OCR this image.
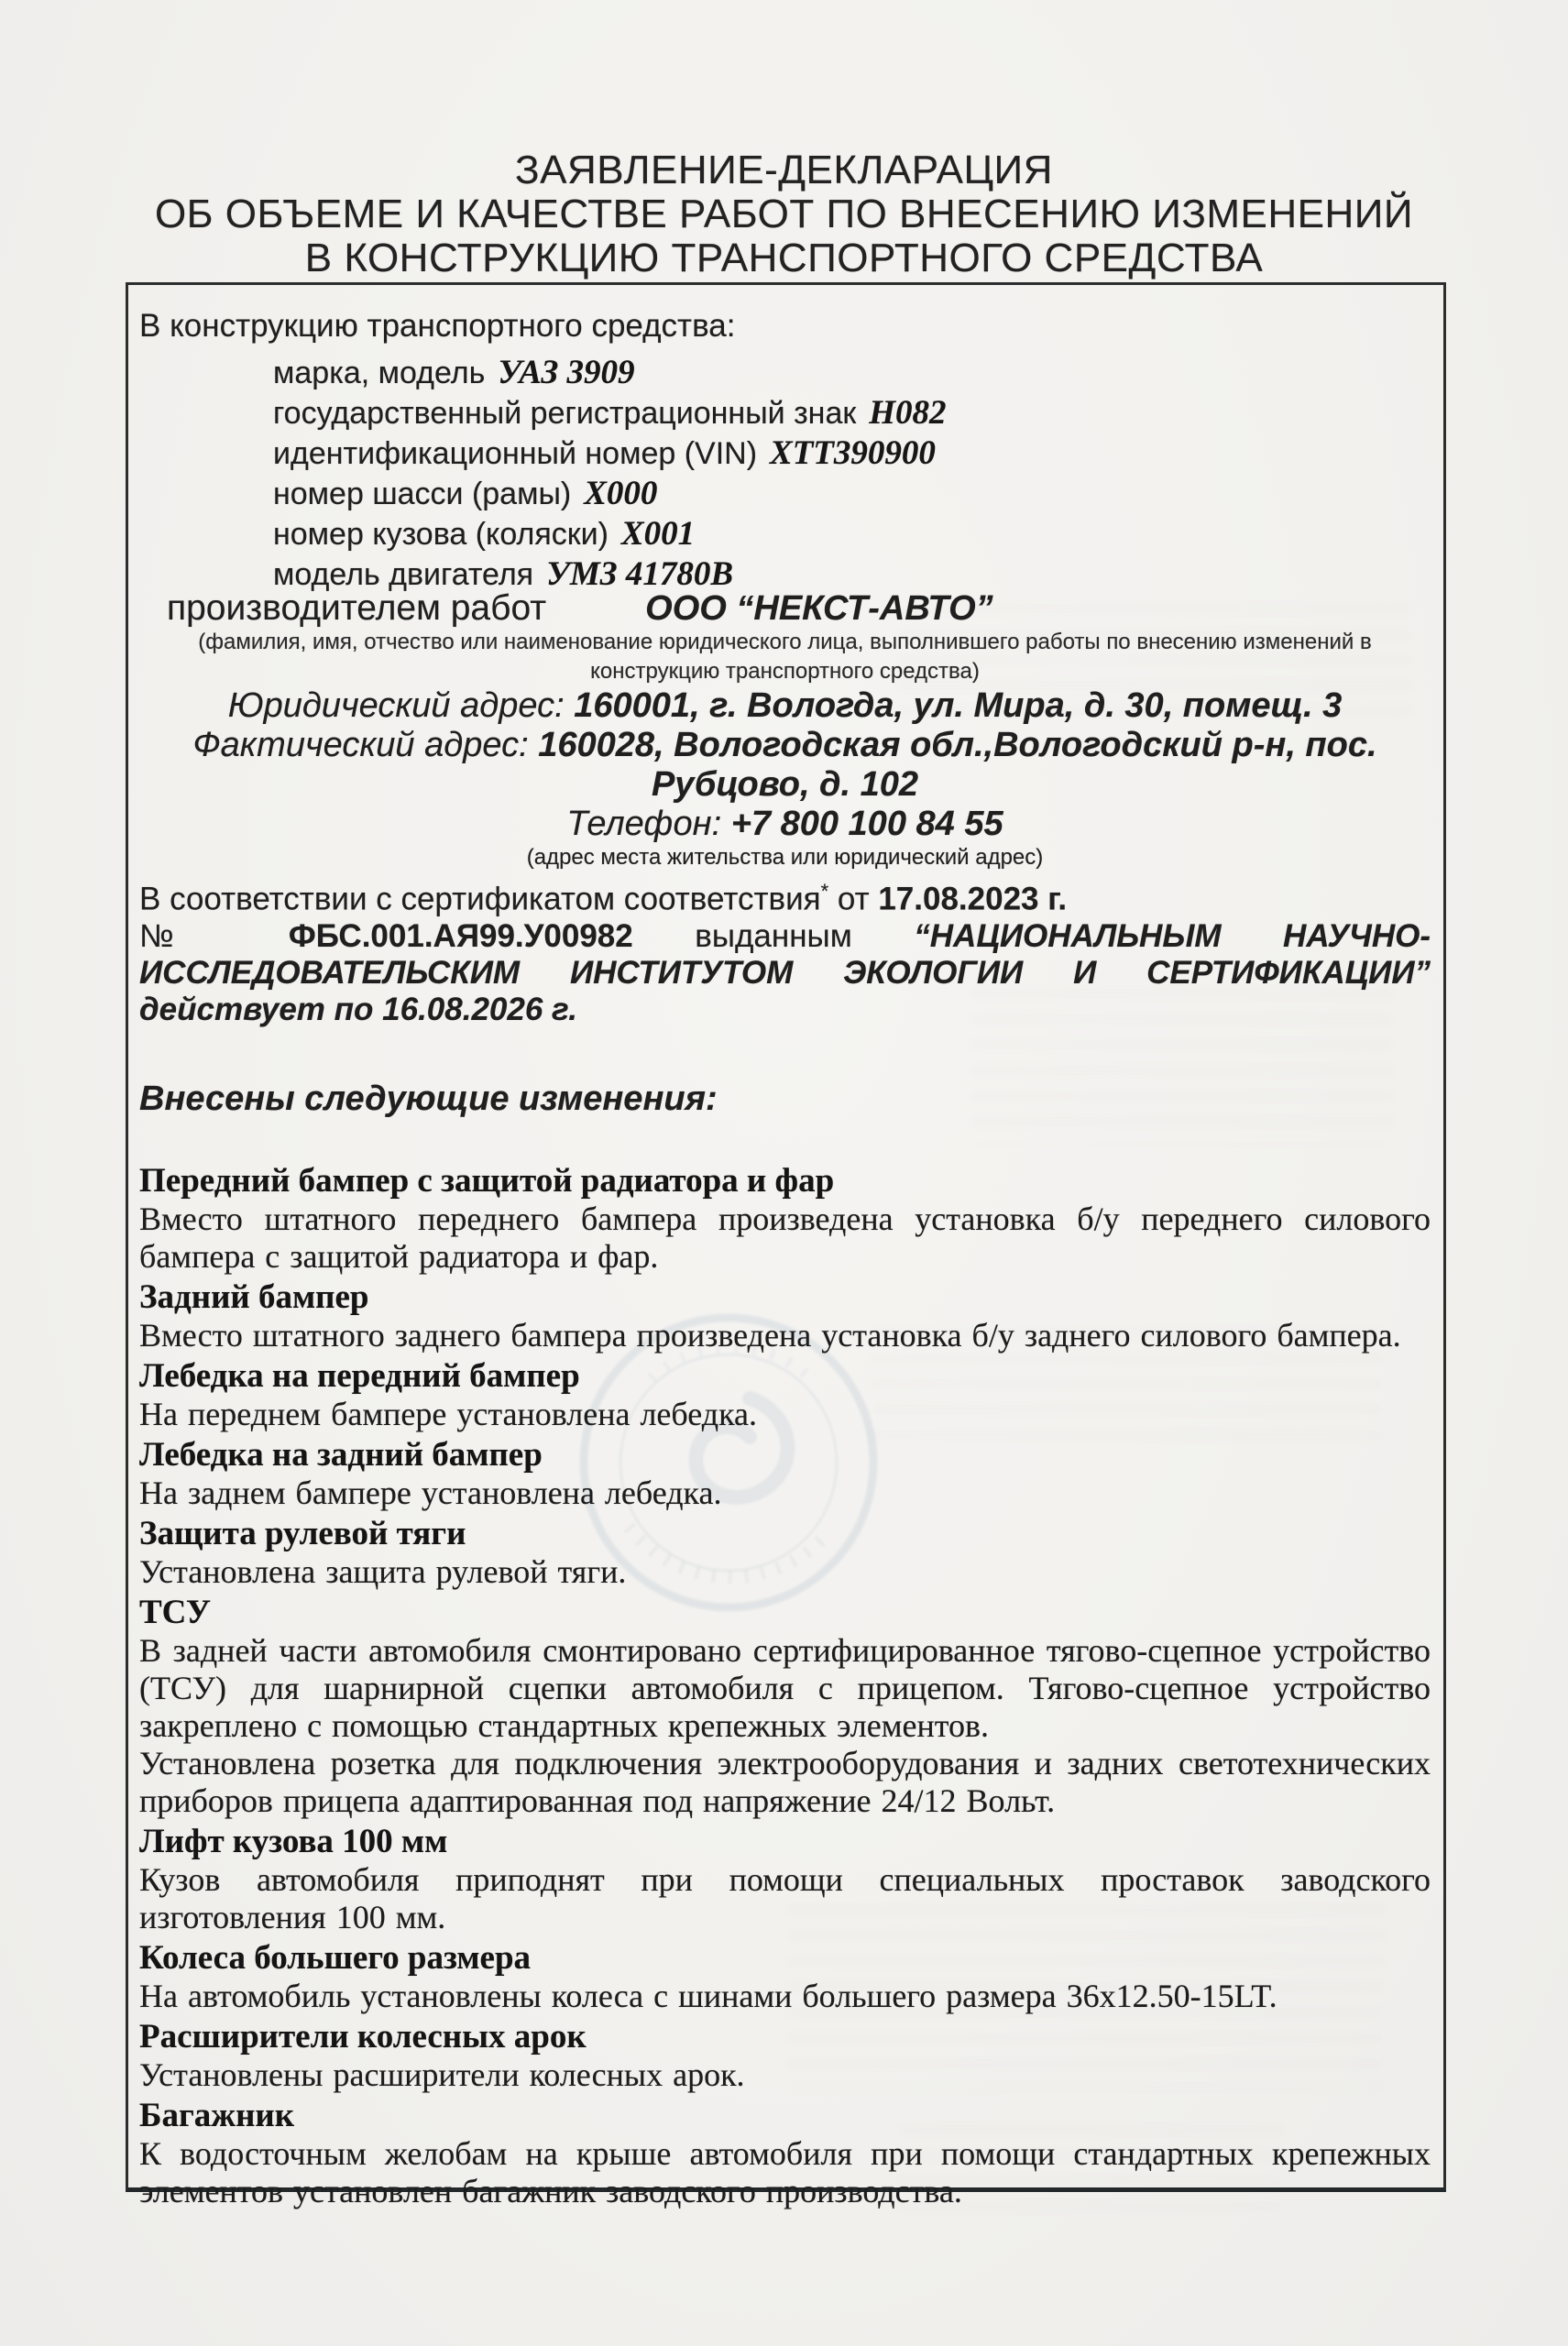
ЗАЯВЛЕНИЕ-ДЕКЛАРАЦИЯ
ОБ ОБЪЕМЕ И КАЧЕСТВЕ РАБОТ ПО ВНЕСЕНИЮ ИЗМЕНЕНИЙ
В КОНСТРУКЦИЮ ТРАНСПОРТНОГО СРЕДСТВА

В конструкцию транспортного средства:

марка, модель УАЗ 3909
государственный регистрационный знак Н082
идентификационный номер (VIN) ХТТ390900
номер шасси (рамы) Х000
номер кузова (коляски) Х001
модель двигателя УМЗ 41780В

производителем работ	ООО “НЕКСТ-АВТО”

(фамилия, имя, отчество или наименование юридического лица, выполнившего работы по внесению изменений в конструкцию транспортного средства)

Юридический адрес: 160001, г. Вологда, ул. Мира, д. 30, помещ. 3

Фактический адрес: 160028, Вологодская обл.,Вологодский р-н, пос.

Рубцово, д. 102

Телефон: +7 800 100 84 55

(адрес места жительства или юридический адрес)

В соответствии с сертификатом соответствия* от 17.08.2023 г.

№ ФБС.001.АЯ99.У00982 выданным “НАЦИОНАЛЬНЫМ НАУЧНО-

ИССЛЕДОВАТЕЛЬСКИМ ИНСТИТУТОМ ЭКОЛОГИИ И СЕРТИФИКАЦИИ”

действует по 16.08.2026 г.

Внесены следующие изменения:

Передний бампер с защитой радиатора и фар

Вместо штатного переднего бампера произведена установка б/у переднего силового бампера с защитой радиатора и фар.

Задний бампер

Вместо штатного заднего бампера произведена установка б/у заднего силового бампера.

Лебедка на передний бампер

На переднем бампере установлена лебедка.

Лебедка на задний бампер

На заднем бампере установлена лебедка.

Защита рулевой тяги

Установлена защита рулевой тяги.

ТСУ

В задней части автомобиля смонтировано сертифицированное тягово-сцепное устройство (ТСУ) для шарнирной сцепки автомобиля с прицепом. Тягово-сцепное устройство закреплено с помощью стандартных крепежных элементов.

Установлена розетка для подключения электрооборудования и задних светотехнических приборов прицепа адаптированная под напряжение 24/12 Вольт.

Лифт кузова 100 мм

Кузов автомобиля приподнят при помощи специальных проставок заводского изготовления 100 мм.

Колеса большего размера

На автомобиль установлены колеса с шинами большего размера 36x12.50-15LT.

Расширители колесных арок

Установлены расширители колесных арок.

Багажник

К водосточным желобам на крыше автомобиля при помощи стандартных крепежных элементов установлен багажник заводского производства.
